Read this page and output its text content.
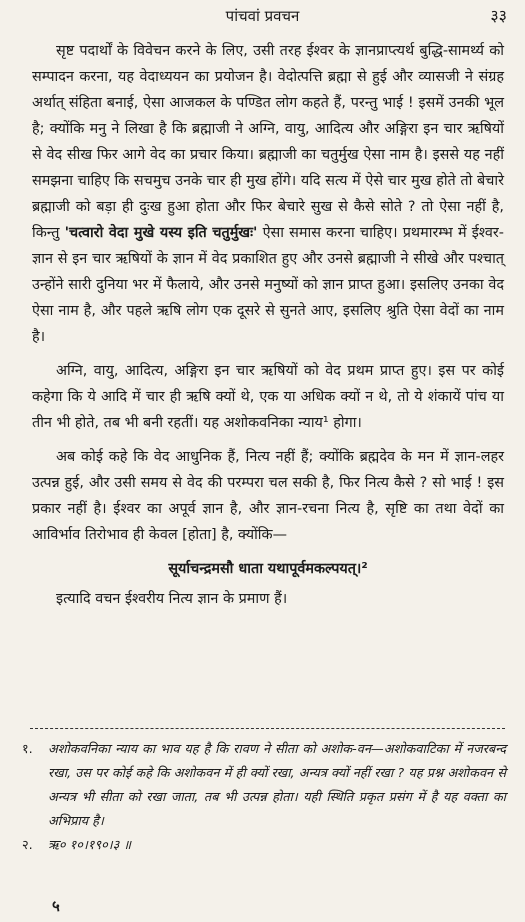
पांचवां प्रवचन	३३

सृष्ट पदार्थों के विवेचन करने के लिए, उसी तरह ईश्वर के ज्ञानप्राप्त्यर्थ बुद्धि-सामर्थ्य को सम्पादन करना, यह वेदाध्ययन का प्रयोजन है। वेदोत्पत्ति ब्रह्मा से हुई और व्यासजी ने संग्रह अर्थात् संहिता बनाई, ऐसा आजकल के पण्डित लोग कहते हैं, परन्तु भाई ! इसमें उनकी भूल है; क्योंकि मनु ने लिखा है कि ब्रह्माजी ने अग्नि, वायु, आदित्य और अङ्गिरा इन चार ऋषियों से वेद सीख फिर आगे वेद का प्रचार किया। ब्रह्माजी का चतुर्मुख ऐसा नाम है। इससे यह नहीं समझना चाहिए कि सचमुच उनके चार ही मुख होंगे। यदि सत्य में ऐसे चार मुख होते तो बेचारे ब्रह्माजी को बड़ा ही दुःख हुआ होता और फिर बेचारे सुख से कैसे सोते ? तो ऐसा नहीं है, किन्तु 'चत्वारो वेदा मुखे यस्य इति चतुर्मुखः' ऐसा समास करना चाहिए। प्रथमारम्भ में ईश्वर-ज्ञान से इन चार ऋषियों के ज्ञान में वेद प्रकाशित हुए और उनसे ब्रह्माजी ने सीखे और पश्चात् उन्होंने सारी दुनिया भर में फैलाये, और उनसे मनुष्यों को ज्ञान प्राप्त हुआ। इसलिए उनका वेद ऐसा नाम है, और पहले ऋषि लोग एक दूसरे से सुनते आए, इसलिए श्रुति ऐसा वेदों का नाम है।

अग्नि, वायु, आदित्य, अङ्गिरा इन चार ऋषियों को वेद प्रथम प्राप्त हुए। इस पर कोई कहेगा कि ये आदि में चार ही ऋषि क्यों थे, एक या अधिक क्यों न थे, तो ये शंकायें पांच या तीन भी होते, तब भी बनी रहतीं। यह अशोकवनिका न्याय¹ होगा।

अब कोई कहे कि वेद आधुनिक हैं, नित्य नहीं हैं; क्योंकि ब्रह्मदेव के मन में ज्ञान-लहर उत्पन्न हुई, और उसी समय से वेद की परम्परा चल सकी है, फिर नित्य कैसे ? सो भाई ! इस प्रकार नहीं है। ईश्वर का अपूर्व ज्ञान है, और ज्ञान-रचना नित्य है, सृष्टि का तथा वेदों का आविर्भाव तिरोभाव ही केवल [होता] है, क्योंकि—

सूर्याचन्द्रमसौ धाता यथापूर्वमकल्पयत्।²

इत्यादि वचन ईश्वरीय नित्य ज्ञान के प्रमाण हैं।

१.	अशोकवनिका न्याय का भाव यह है कि रावण ने सीता को अशोक-वन—अशोकवाटिका में नजरबन्द रखा, उस पर कोई कहे कि अशोकवन में ही क्यों रखा, अन्यत्र क्यों नहीं रखा ? यह प्रश्न अशोकवन से अन्यत्र भी सीता को रखा जाता, तब भी उत्पन्न होता। यही स्थिति प्रकृत प्रसंग में है यह वक्ता का अभिप्राय है।
२.	ऋ० १०।१९०।३ ॥
५
